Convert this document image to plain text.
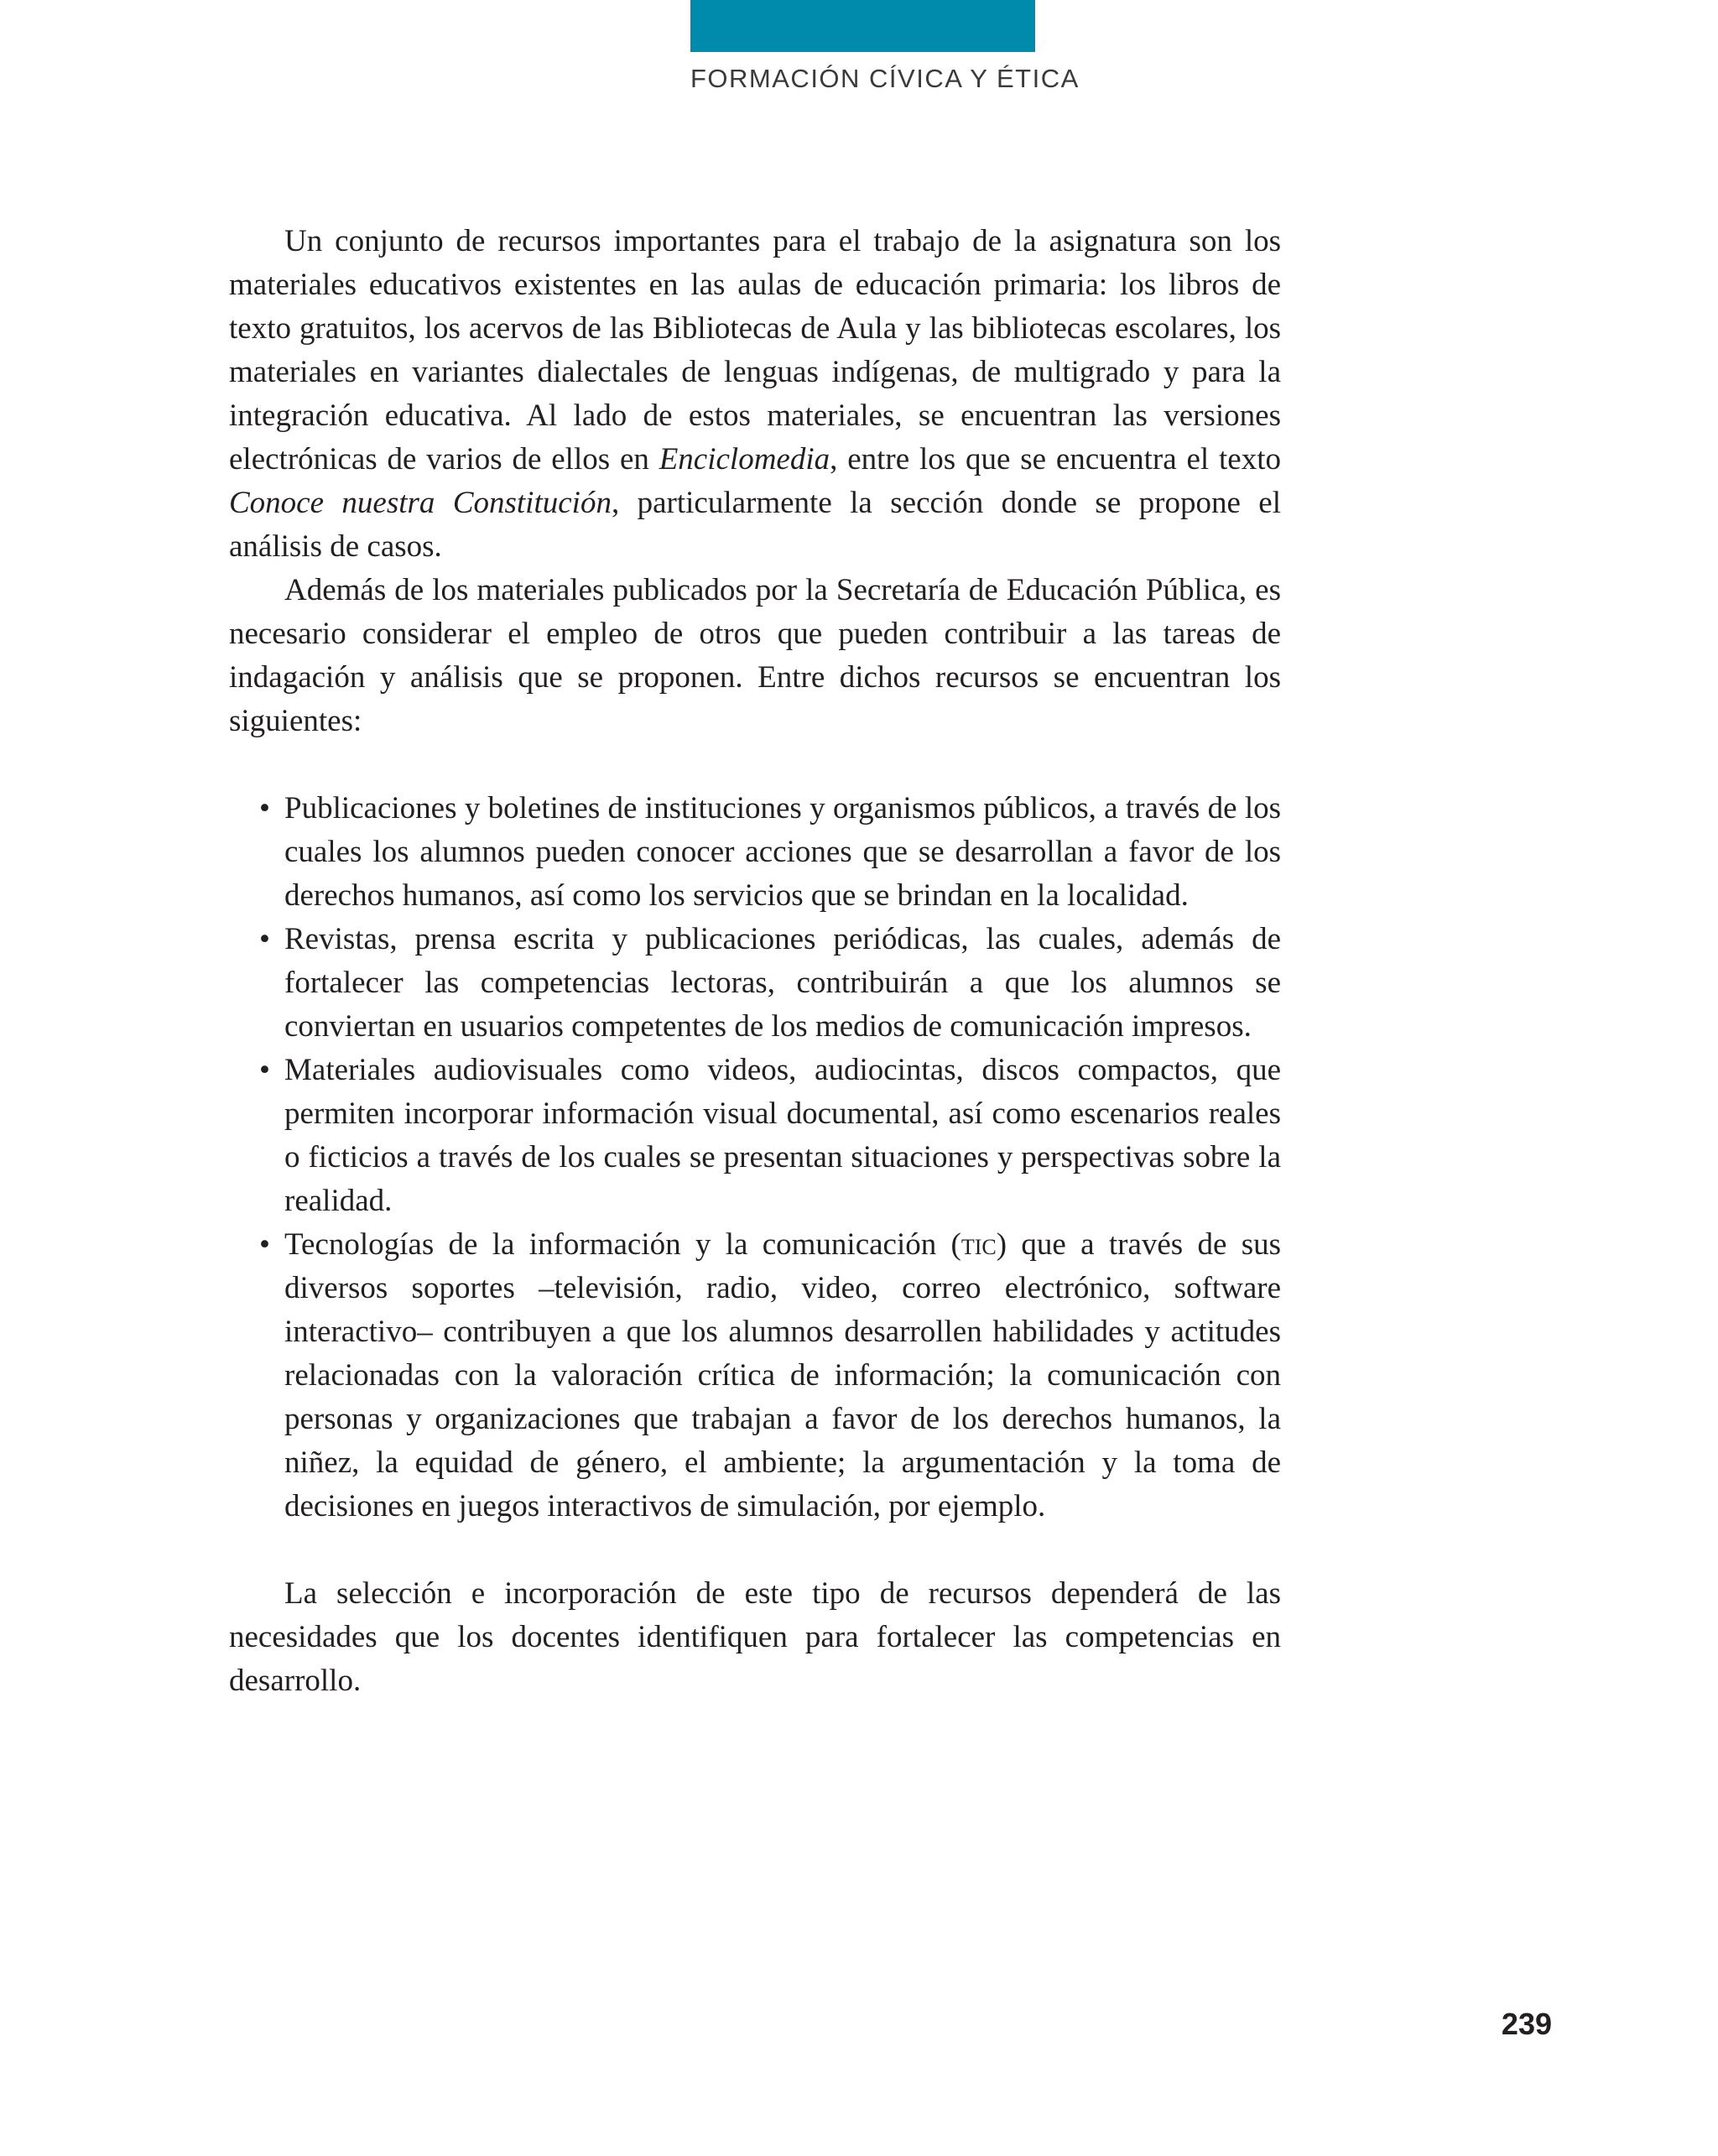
FORMACIÓN CÍVICA Y ÉTICA

Un conjunto de recursos importantes para el trabajo de la asignatura son los materiales educativos existentes en las aulas de educación primaria: los libros de texto gratuitos, los acervos de las Bibliotecas de Aula y las bibliotecas escolares, los materiales en variantes dialectales de lenguas indígenas, de multigrado y para la integración educativa. Al lado de estos materiales, se encuentran las versiones electrónicas de varios de ellos en Enciclomedia, entre los que se encuentra el texto Conoce nuestra Constitución, particularmente la sección donde se propone el análisis de casos.

Además de los materiales publicados por la Secretaría de Educación Pública, es necesario considerar el empleo de otros que pueden contribuir a las tareas de indagación y análisis que se proponen. Entre dichos recursos se encuentran los siguientes:

• Publicaciones y boletines de instituciones y organismos públicos, a través de los cuales los alumnos pueden conocer acciones que se desarrollan a favor de los derechos humanos, así como los servicios que se brindan en la localidad.
• Revistas, prensa escrita y publicaciones periódicas, las cuales, además de fortalecer las competencias lectoras, contribuirán a que los alumnos se conviertan en usuarios competentes de los medios de comunicación impresos.
• Materiales audiovisuales como videos, audiocintas, discos compactos, que permiten incorporar información visual documental, así como escenarios reales o ficticios a través de los cuales se presentan situaciones y perspectivas sobre la realidad.
• Tecnologías de la información y la comunicación (tic) que a través de sus diversos soportes –televisión, radio, video, correo electrónico, software interactivo– contribuyen a que los alumnos desarrollen habilidades y actitudes relacionadas con la valoración crítica de información; la comunicación con personas y organizaciones que trabajan a favor de los derechos humanos, la niñez, la equidad de género, el ambiente; la argumentación y la toma de decisiones en juegos interactivos de simulación, por ejemplo.

La selección e incorporación de este tipo de recursos dependerá de las necesidades que los docentes identifiquen para fortalecer las competencias en desarrollo.

239
